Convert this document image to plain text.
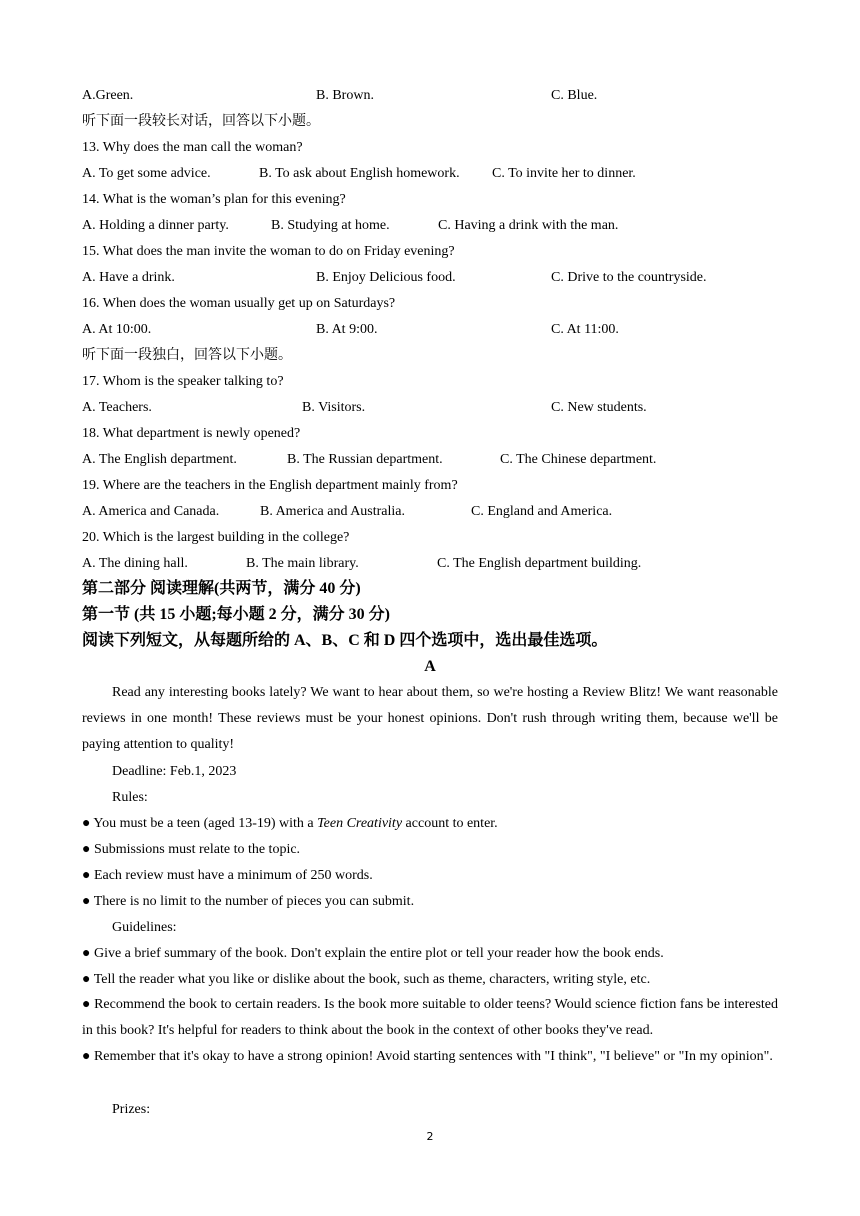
A.Green.	B. Brown.	C. Blue.
听下面一段较长对话，回答以下小题。
13. Why does the man call the woman?
A. To get some advice.	B. To ask about English homework. C. To invite her to dinner.
14. What is the woman’s plan for this evening?
A. Holding a dinner party.	B. Studying at home.	C. Having a drink with the man.
15. What does the man invite the woman to do on Friday evening?
A. Have a drink.	B. Enjoy Delicious food.	C. Drive to the countryside.
16. When does the woman usually get up on Saturdays?
A. At 10:00.	B. At 9:00.	C. At 11:00.
听下面一段独白，回答以下小题。
17. Whom is the speaker talking to?
A. Teachers.	B. Visitors.	C. New students.
18. What department is newly opened?
A. The English department.	B. The Russian department.	C. The Chinese department.
19. Where are the teachers in the English department mainly from?
A. America and Canada.	B. America and Australia.	C. England and America.
20. Which is the largest building in the college?
A. The dining hall.	B. The main library.	C. The English department building.
第二部分 阅读理解(共两节，满分 40 分)
第一节 (共 15 小题;每小题 2 分，满分 30 分)
阅读下列短文，从每题所给的 A、B、C 和 D 四个选项中，选出最佳选项。
A
Read any interesting books lately? We want to hear about them, so we're hosting a Review Blitz! We want reasonable reviews in one month! These reviews must be your honest opinions. Don't rush through writing them, because we'll be paying attention to quality!
Deadline: Feb.1, 2023
Rules:
● You must be a teen (aged 13-19) with a Teen Creativity account to enter.
● Submissions must relate to the topic.
● Each review must have a minimum of 250 words.
● There is no limit to the number of pieces you can submit.
Guidelines:
● Give a brief summary of the book. Don't explain the entire plot or tell your reader how the book ends.
● Tell the reader what you like or dislike about the book, such as theme, characters, writing style, etc.
● Recommend the book to certain readers. Is the book more suitable to older teens? Would science fiction fans be interested in this book? It's helpful for readers to think about the book in the context of other books they've read.
● Remember that it's okay to have a strong opinion! Avoid starting sentences with "I think", "I believe" or "In my opinion".
Prizes:
2
